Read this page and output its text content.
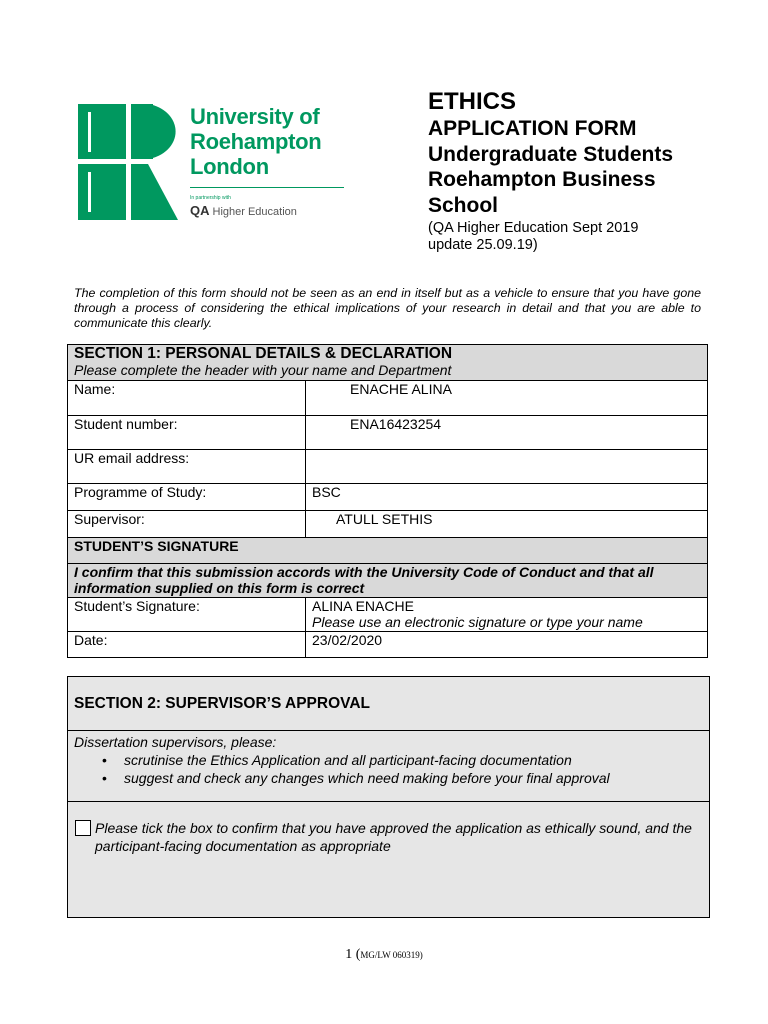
University of
Roehampton
London
In partnership with
QA Higher Education
ETHICS
APPLICATION FORM
Undergraduate Students
Roehampton Business
School
(QA Higher Education Sept 2019
update 25.09.19)
The completion of this form should not be seen as an end in itself but as a vehicle to ensure that you have gone through a process of considering the ethical implications of your research in detail and that you are able to communicate this clearly.
SECTION 1: PERSONAL DETAILS & DECLARATION
Please complete the header with your name and Department	

Name:	ENACHE ALINA
Student number:	ENA16423254
UR email address:	
Programme of Study:	BSC
Supervisor:	ATULL SETHIS
STUDENT’S SIGNATURE	
I confirm that this submission accords with the University Code of Conduct and that all information supplied on this form is correct	
Student’s Signature:	ALINA ENACHE
Please use an electronic signature or type your name

Date:	23/02/2020
SECTION 2: SUPERVISOR’S APPROVAL
Dissertation supervisors, please:
• scrutinise the Ethics Application and all participant-facing documentation
• suggest and check any changes which need making before your final approval
Please tick the box to confirm that you have approved the application as ethically sound, and the participant-facing documentation as appropriate
1 (MG/LW 060319)
